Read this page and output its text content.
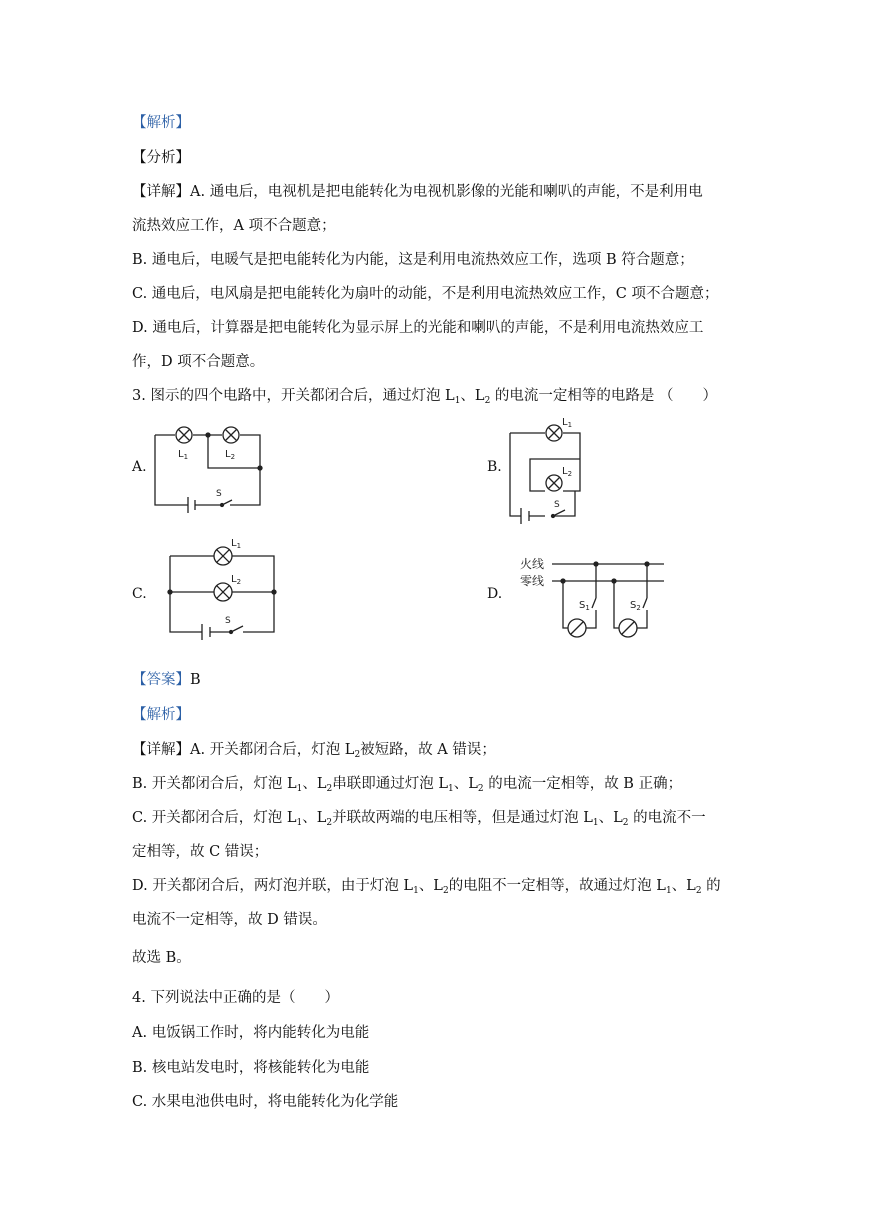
【解析】
【分析】
【详解】A. 通电后，电视机是把电能转化为电视机影像的光能和喇叭的声能，不是利用电
流热效应工作，A 项不合题意；
B. 通电后，电暖气是把电能转化为内能，这是利用电流热效应工作，选项 B 符合题意；
C. 通电后，电风扇是把电能转化为扇叶的动能，不是利用电流热效应工作，C 项不合题意；
D. 通电后，计算器是把电能转化为显示屏上的光能和喇叭的声能，不是利用电流热效应工
作，D 项不合题意。
3. 图示的四个电路中，开关都闭合后，通过灯泡 $L_1$、$L_2$ 的电流一定相等的电路是 （　　）
A.	B.
C.	D.
S
$L_1$	$L_2$
S
$L_1$
$L_2$
S
$L_1$
$L_2$
火线
零线
$S_1$	$S_2$
【答案】B
【解析】
【详解】A. 开关都闭合后，灯泡 $L_2$被短路，故 A 错误；
B. 开关都闭合后，灯泡 $L_1$、$L_2$串联即通过灯泡 $L_1$、$L_2$ 的电流一定相等，故 B 正确；
C. 开关都闭合后，灯泡 $L_1$、$L_2$并联故两端的电压相等，但是通过灯泡 $L_1$、$L_2$ 的电流不一
定相等，故 C 错误；
D. 开关都闭合后，两灯泡并联，由于灯泡 $L_1$、$L_2$的电阻不一定相等，故通过灯泡 $L_1$、$L_2$ 的
电流不一定相等，故 D 错误。
故选 B。
4. 下列说法中正确的是（　　）
A. 电饭锅工作时，将内能转化为电能
B. 核电站发电时，将核能转化为电能
C. 水果电池供电时，将电能转化为化学能
